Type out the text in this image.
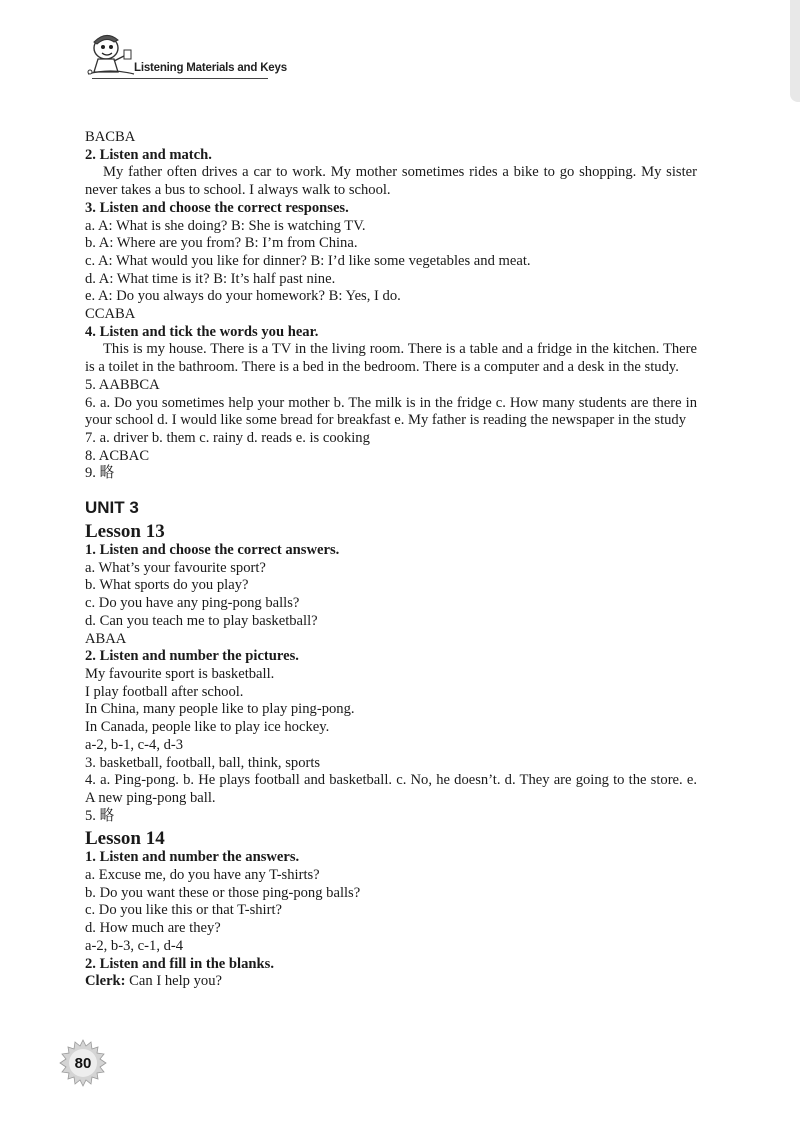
Listening Materials and Keys

BACBA

2. Listen and match.

My father often drives a car to work. My mother sometimes rides a bike to go shopping. My sister never takes a bus to school. I always walk to school.

3. Listen and choose the correct responses.

a. A: What is she doing? B: She is watching TV.

b. A: Where are you from? B: I’m from China.

c. A: What would you like for dinner? B: I’d like some vegetables and meat.

d. A: What time is it? B: It’s half past nine.

e. A: Do you always do your homework? B: Yes, I do.

CCABA

4. Listen and tick the words you hear.

This is my house. There is a TV in the living room. There is a table and a fridge in the kitchen. There is a toilet in the bathroom. There is a bed in the bedroom. There is a computer and a desk in the study.

5. AABBCA

6. a. Do you sometimes help your mother b. The milk is in the fridge c. How many students are there in your school d. I would like some bread for breakfast e. My father is reading the newspaper in the study

7. a. driver b. them c. rainy d. reads e. is cooking

8. ACBAC

9. 略

UNIT 3

Lesson 13

1. Listen and choose the correct answers.

a. What’s your favourite sport?

b. What sports do you play?

c. Do you have any ping-pong balls?

d. Can you teach me to play basketball?

ABAA

2. Listen and number the pictures.

My favourite sport is basketball.

I play football after school.

In China, many people like to play ping-pong.

In Canada, people like to play ice hockey.

a-2, b-1, c-4, d-3

3. basketball, football, ball, think, sports

4. a. Ping-pong. b. He plays football and basketball. c. No, he doesn’t. d. They are going to the store. e. A new ping-pong ball.

5. 略

Lesson 14

1. Listen and number the answers.

a. Excuse me, do you have any T-shirts?

b. Do you want these or those ping-pong balls?

c. Do you like this or that T-shirt?

d. How much are they?

a-2, b-3, c-1, d-4

2. Listen and fill in the blanks.

Clerk: Can I help you?

80
